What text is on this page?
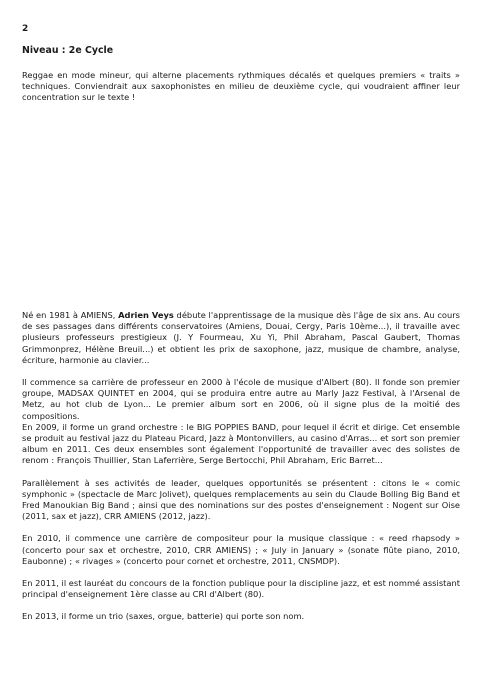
2
Niveau : 2e Cycle

Reggae en mode mineur, qui alterne placements rythmiques décalés et quelques premiers « traits » techniques. Conviendrait aux saxophonistes en milieu de deuxième cycle, qui voudraient affiner leur concentration sur le texte !

Né en 1981 à AMIENS, Adrien Veys débute l'apprentissage de la musique dès l'âge de six ans. Au cours de ses passages dans différents conservatoires (Amiens, Douai, Cergy, Paris 10ème...), il travaille avec plusieurs professeurs prestigieux (J. Y Fourmeau, Xu Yi, Phil Abraham, Pascal Gaubert, Thomas Grimmonprez, Hélène Breuil...) et obtient les prix de saxophone, jazz, musique de chambre, analyse, écriture, harmonie au clavier...

Il commence sa carrière de professeur en 2000 à l'école de musique d'Albert (80). Il fonde son premier groupe, MADSAX QUINTET en 2004, qui se produira entre autre au Marly Jazz Festival, à l'Arsenal de Metz, au hot club de Lyon... Le premier album sort en 2006, où il signe plus de la moitié des compositions.

En 2009, il forme un grand orchestre : le BIG POPPIES BAND, pour lequel il écrit et dirige. Cet ensemble se produit au festival jazz du Plateau Picard, Jazz à Montonvillers, au casino d'Arras... et sort son premier album en 2011. Ces deux ensembles sont également l'opportunité de travailler avec des solistes de renom : François Thuillier, Stan Laferrière, Serge Bertocchi, Phil Abraham, Eric Barret...

Parallèlement à ses activités de leader, quelques opportunités se présentent : citons le « comic symphonic » (spectacle de Marc Jolivet), quelques remplacements au sein du Claude Bolling Big Band et Fred Manoukian Big Band ; ainsi que des nominations sur des postes d'enseignement : Nogent sur Oise (2011, sax et jazz), CRR AMIENS (2012, jazz).

En 2010, il commence une carrière de compositeur pour la musique classique : « reed rhapsody » (concerto pour sax et orchestre, 2010, CRR AMIENS) ; « July in January » (sonate flûte piano, 2010, Eaubonne) ; « rivages » (concerto pour cornet et orchestre, 2011, CNSMDP).

En 2011, il est lauréat du concours de la fonction publique pour la discipline jazz, et est nommé assistant principal d'enseignement 1ère classe au CRI d'Albert (80).

En 2013, il forme un trio (saxes, orgue, batterie) qui porte son nom.
